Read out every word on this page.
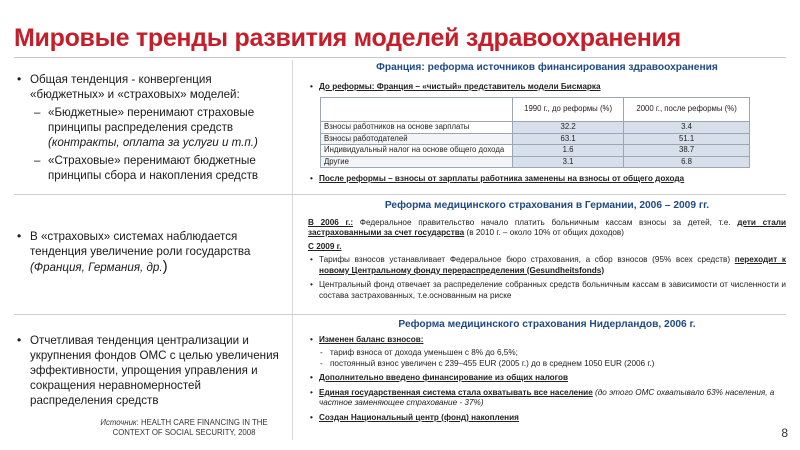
Мировые тренды развития моделей здравоохранения
• Общая тенденция - конвергенция «бюджетных» и «страховых» моделей:
– «Бюджетные» перенимают страховые принципы распределения средств (контракты, оплата за услуги и т.п.)
– «Страховые» перенимают бюджетные принципы сбора и накопления средств
• В «страховых» системах наблюдается тенденция увеличение роли государства (Франция, Германия, др.)
• Отчетливая тенденция централизации и укрупнения фондов ОМС с целью увеличения эффективности, упрощения управления и сокращения неравномерностей распределения средств
Источник: HEALTH CARE FINANCING IN THE CONTEXT OF SOCIAL SECURITY, 2008
Франция: реформа источников финансирования здравоохранения
• До реформы: Франция – «чистый» представитель модели Бисмарка
	1990 г., до реформы (%)	2000 г., после реформы (%)
Взносы работников на основе зарплаты	32.2	3.4
Взносы работодателей	63.1	51.1
Индивидуальный налог на основе общего дохода	1.6	38.7
Другие	3.1	6.8
• После реформы – взносы от зарплаты работника заменены на взносы от общего дохода
Реформа медицинского страхования в Германии, 2006 – 2009 гг.
В 2006 г.: Федеральное правительство начало платить больничным кассам взносы за детей, т.е. дети стали застрахованными за счет государства (в 2010 г. – около 10% от общих доходов)
С 2009 г.
• Тарифы взносов устанавливает Федеральное бюро страхования, а сбор взносов (95% всех средств) переходит к новому Центральному фонду перераспределения (Gesundheitsfonds)
• Центральный фонд отвечает за распределение собранных средств больничным кассам в зависимости от численности и состава застрахованных, т.е.основанным на риске
Реформа медицинского страхования Нидерландов, 2006 г.
• Изменен баланс взносов:
- тариф взноса от дохода уменьшен с 8% до 6,5%;
- постоянный взнос увеличен с 239–455 EUR (2005 г.) до в среднем 1050 EUR (2006 г.)
• Дополнительно введено финансирование из общих налогов
• Единая государственная система стала охватывать все население (до этого ОМС охватывало 63% населения, а частное заменяющее страхование - 37%)
• Создан Национальный центр (фонд) накопления
8
